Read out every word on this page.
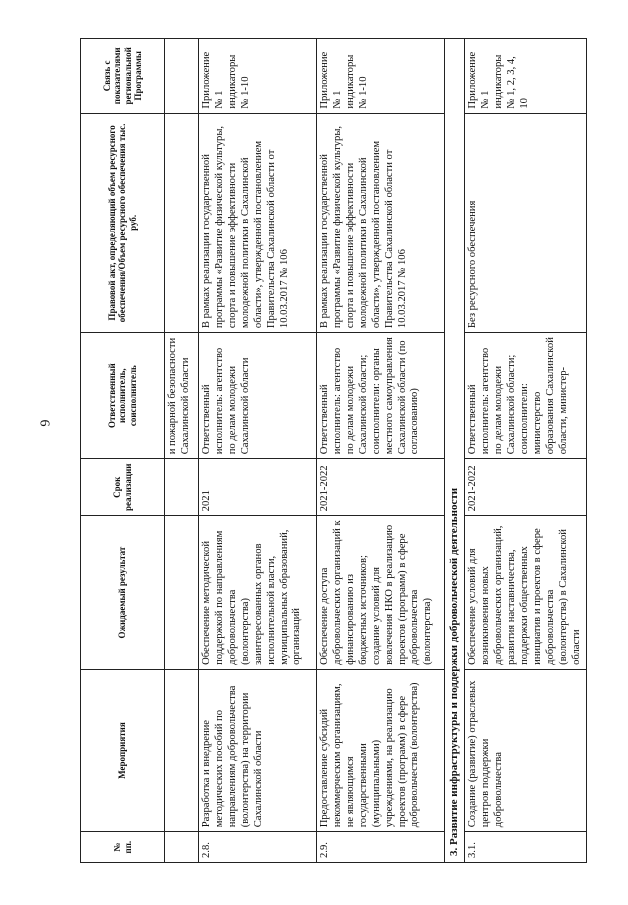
6
№ пп.	Мероприятия	Ожидаемый результат	Срок реализации	Ответственный исполнитель, соисполнитель	Правовой акт, определяющий объем ресурсного обеспечения/Объем ресурсного обеспечения тыс. руб.	Связь с показателями региональной Программы
				и пожарной безопасности Сахалинской области		
2.8.	Разработка и внедрение методических пособий по направлениям добровольчества (волонтерства) на территории Сахалинской области	Обеспечение методической поддержкой по направлениям добровольчества (волонтерства) заинтересованных органов исполнительной власти, муниципальных образований, организаций	2021	Ответственный исполнитель: агентство по делам молодежи Сахалинской области	В рамках реализации государственной программы «Развитие физической культуры, спорта и повышение эффективности молодежной политики в Сахалинской области», утвержденной постановлением Правительства Сахалинской области от 10.03.2017 № 106	Приложение № 1 индикаторы № 1-10
2.9.	Предоставление субсидий некоммерческим организациям, не являющимся государственными (муниципальными) учреждениями, на реализацию проектов (программ) в сфере добровольчества (волонтерства)	Обеспечение доступа добровольческих организаций к финансированию из бюджетных источников; создание условий для вовлечения НКО в реализацию проектов (программ) в сфере добровольчества (волонтерства)	2021-2022	Ответственный исполнитель: агентство по делам молодежи Сахалинской области; соисполнители: органы местного самоуправления Сахалинской области (по согласованию)	В рамках реализации государственной программы «Развитие физической культуры, спорта и повышение эффективности молодежной политики в Сахалинской области», утвержденной постановлением Правительства Сахалинской области от 10.03.2017 № 106	Приложение № 1 индикаторы № 1-10
3. Развитие инфраструктуры и поддержки добровольческой деятельности						
3.1.	Создание (развитие) отраслевых центров поддержки добровольчества	Обеспечение условий для возникновения новых добровольческих организаций, развития наставничества, поддержки общественных инициатив и проектов в сфере добровольчества (волонтерства) в Сахалинской области	2021-2022	Ответственный исполнитель: агентство по делам молодежи Сахалинской области; соисполнители: министерство образования Сахалинской области, министер-	Без ресурсного обеспечения	Приложение № 1 индикаторы № 1, 2, 3, 4, 10
